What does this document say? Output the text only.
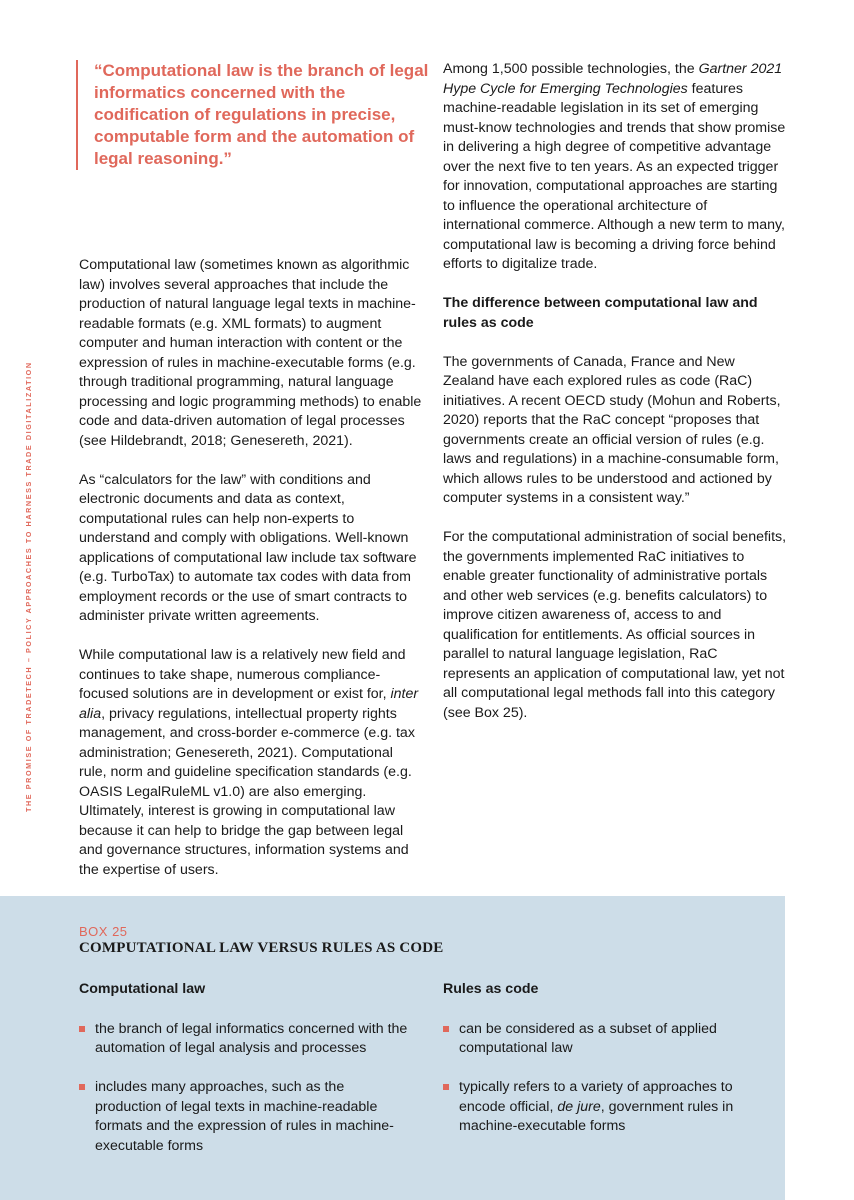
THE PROMISE OF TRADETECH – POLICY APPROACHES TO HARNESS TRADE DIGITALIZATION
“Computational law is the branch of legal informatics concerned with the codification of regulations in precise, computable form and the automation of legal reasoning.”

Computational law (sometimes known as algorithmic law) involves several approaches that include the production of natural language legal texts in machine-readable formats (e.g. XML formats) to augment computer and human interaction with content or the expression of rules in machine-executable forms (e.g. through traditional programming, natural language processing and logic programming methods) to enable code and data-driven automation of legal processes (see Hildebrandt, 2018; Genesereth, 2021).

As “calculators for the law” with conditions and electronic documents and data as context, computational rules can help non-experts to understand and comply with obligations. Well-known applications of computational law include tax software (e.g. TurboTax) to automate tax codes with data from employment records or the use of smart contracts to administer private written agreements.

While computational law is a relatively new field and continues to take shape, numerous compliance-focused solutions are in development or exist for, inter alia, privacy regulations, intellectual property rights management, and cross-border e-commerce (e.g. tax administration; Genesereth, 2021). Computational rule, norm and guideline specification standards (e.g. OASIS LegalRuleML v1.0) are also emerging. Ultimately, interest is growing in computational law because it can help to bridge the gap between legal and governance structures, information systems and the expertise of users.

Among 1,500 possible technologies, the Gartner 2021 Hype Cycle for Emerging Technologies features machine-readable legislation in its set of emerging must-know technologies and trends that show promise in delivering a high degree of competitive advantage over the next five to ten years. As an expected trigger for innovation, computational approaches are starting to influence the operational architecture of international commerce. Although a new term to many, computational law is becoming a driving force behind efforts to digitalize trade.

The difference between computational law and rules as code

The governments of Canada, France and New Zealand have each explored rules as code (RaC) initiatives. A recent OECD study (Mohun and Roberts, 2020) reports that the RaC concept “proposes that governments create an official version of rules (e.g. laws and regulations) in a machine-consumable form, which allows rules to be understood and actioned by computer systems in a consistent way.”

For the computational administration of social benefits, the governments implemented RaC initiatives to enable greater functionality of administrative portals and other web services (e.g. benefits calculators) to improve citizen awareness of, access to and qualification for entitlements. As official sources in parallel to natural language legislation, RaC represents an application of computational law, yet not all computational legal methods fall into this category (see Box 25).

BOX 25
COMPUTATIONAL LAW VERSUS RULES AS CODE
Computational law
the branch of legal informatics concerned with the automation of legal analysis and processes
includes many approaches, such as the production of legal texts in machine-readable formats and the expression of rules in machine-executable forms
Rules as code
can be considered as a subset of applied computational law
typically refers to a variety of approaches to encode official, de jure, government rules in machine-executable forms
